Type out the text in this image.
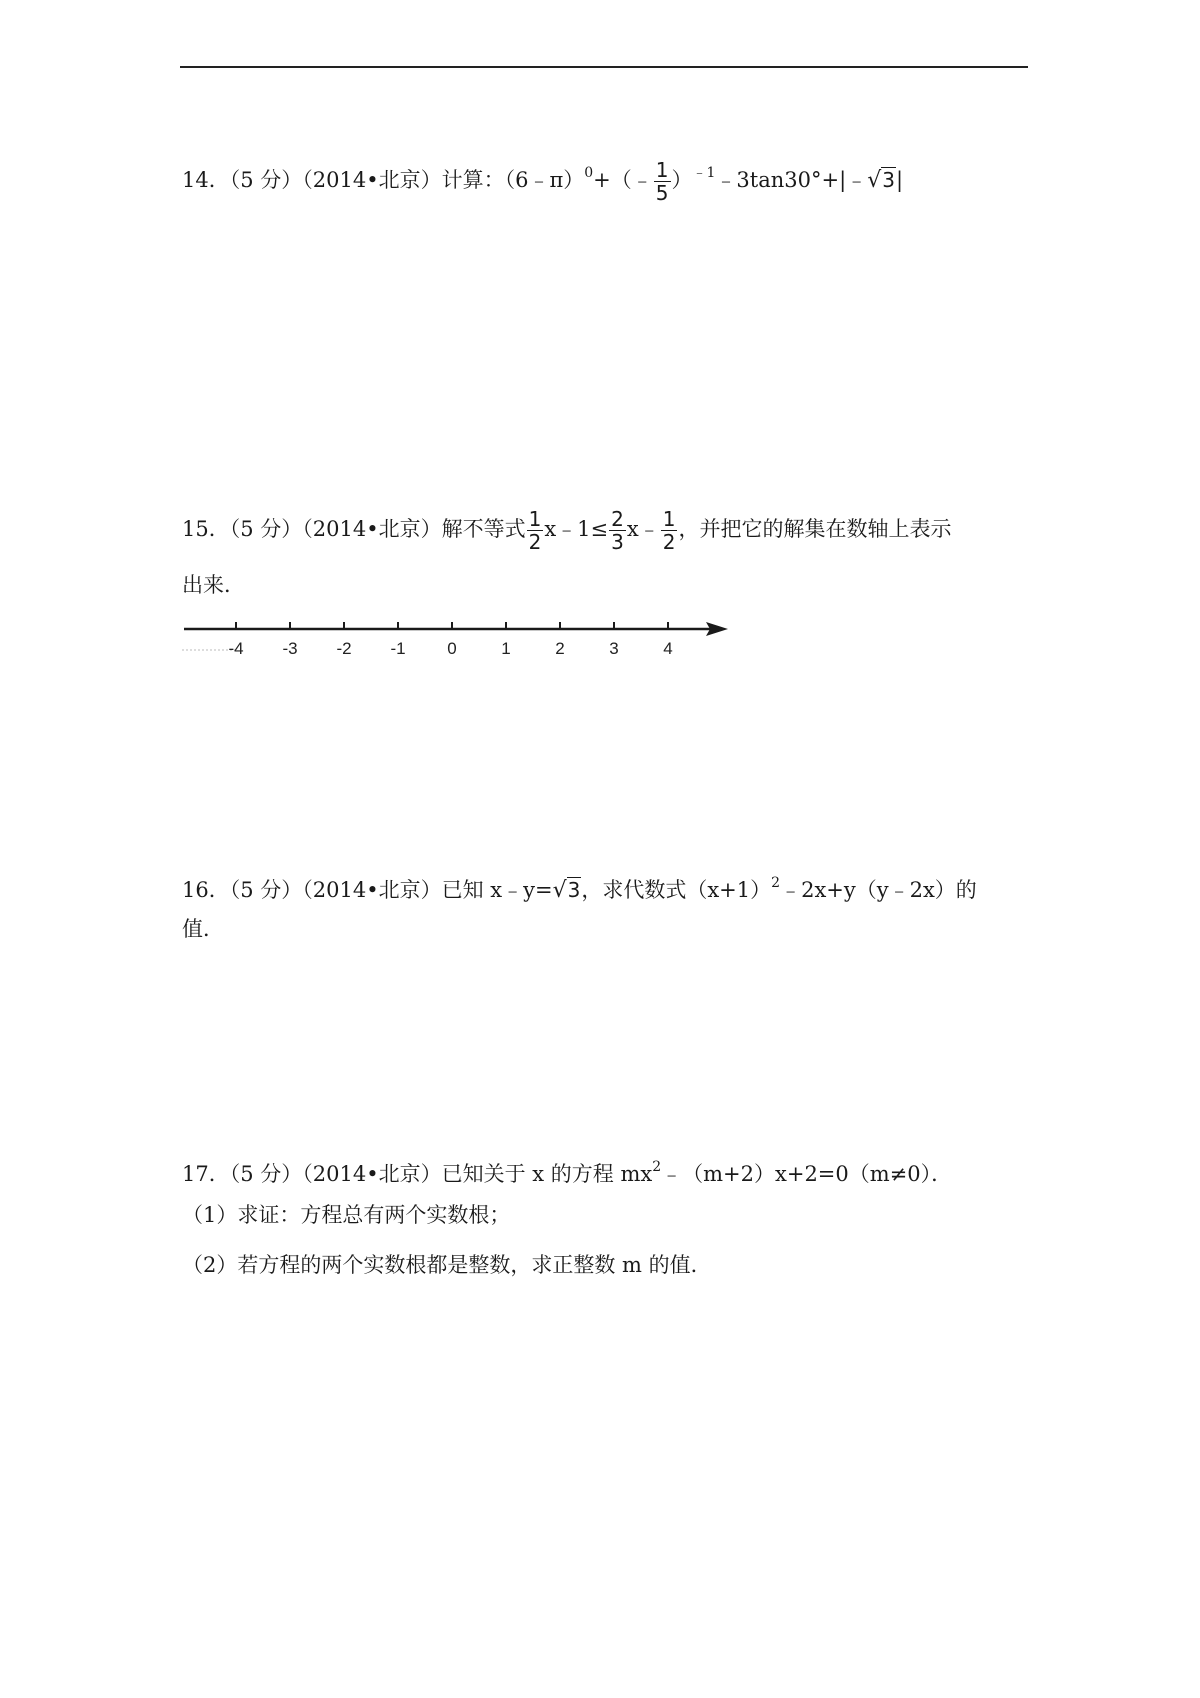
14．（5 分）（2014•北京）计算：（6﹣π）$^0$+（﹣ $\frac{1}{5}$ ）$^{﹣1}$﹣3tan30°+|﹣√3|
15．（5 分）（2014•北京）解不等式 $\frac{1}{2}$ x﹣1≤ $\frac{2}{3}$ x﹣ $\frac{1}{2}$ ，并把它的解集在数轴上表示
出来．
-4 -3 -2 -1 0	1	2	3	4
16．（5 分）（2014•北京）已知 x﹣y=√3，求代数式$(x+1)^2﹣2x+y(y﹣2x)$的
值．
17．（5 分）（2014•北京）已知关于 x 的方程 $mx^2﹣(m+2)x+2=0(m\ne 0)$．
（1）求证：方程总有两个实数根；
（2）若方程的两个实数根都是整数，求正整数 m 的值．
